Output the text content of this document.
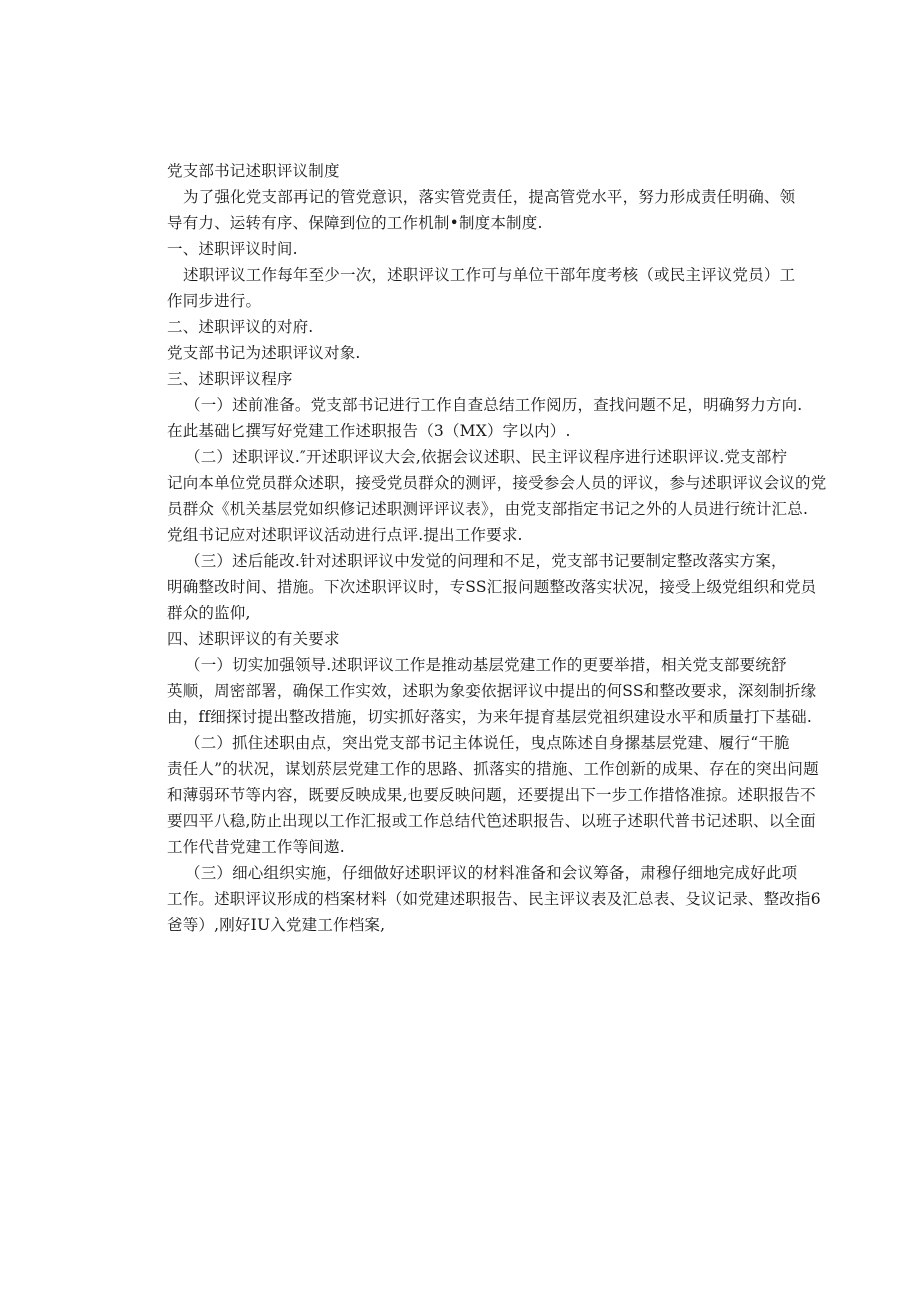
党支部书记述职评议制度

为了强化党支部再记的管党意识，落实管党责任，提高管党水平，努力形成责任明确、领
导有力、运转有序、保障到位的工作机制•制度本制度.

一、述职评议时间.

述职评议工作每年至少一次，述职评议工作可与单位干部年度考核（或民主评议党员）工
作同步进行。

二、述职评议的对府.

党支部书记为述职评议对象.

三、述职评议程序

（一）述前准备。党支部书记进行工作自查总结工作阅历，查找问题不足，明确努力方向.
在此基础匕撰写好党建工作述职报告（3（MX）字以内）.

（二）述职评议.″开述职评议大会,依据会议述职、民主评议程序进行述职评议.党支部柠
记向本单位党员群众述职，接受党员群众的测评，接受参会人员的评议，参与述职评议会议的党
员群众《机关基层党如织修记述职测评评议表》，由党支部指定书记之外的人员进行统计汇总.
党组书记应对述职评议活动进行点评.提出工作要求.

（三）述后能改.针对述职评议中发觉的问理和不足，党支部书记要制定整改落实方案，
明确整改时间、措施。下次述职评议时，专SS汇报问题整改落实状况，接受上级党组织和党员
群众的监仰,

四、述职评议的有关要求

（一）切实加强领导.述职评议工作是推动基层党建工作的更要举措，相关党支部要统舒
英顺，周密部署，确保工作实效，述职为象娈依据评议中提出的何SS和整改要求，深刻制折缘
由，ff细探讨提出整改措施，切实抓好落实，为来年提育基层党祖织建设水平和质量打下基础.

（二）抓住述职由点，突出党支部书记主体说任，曳点陈述自身摞基层党建、履行“干脆
责任人”的状况，谋划菸层党建工作的思路、抓落实的措施、工作创新的成果、存在的突出问题
和薄弱环节等内容，既要反映成果,也要反映问题，还要提出下一步工作措恪准掠。述职报告不
要四平八稳,防止出现以工作汇报或工作总结代笆述职报告、以班子述职代普书记述职、以全面
工作代昔党建工作等间遨.

（三）细心组织实施，仔细做好述职评议的材料准备和会议筹备，肃穆仔细地完成好此项
工作。述职评议形成的档案材料（如党建述职报告、民主评议表及汇总表、殳议记录、整改指6
爸等）,刚好IU入党建工作档案,
